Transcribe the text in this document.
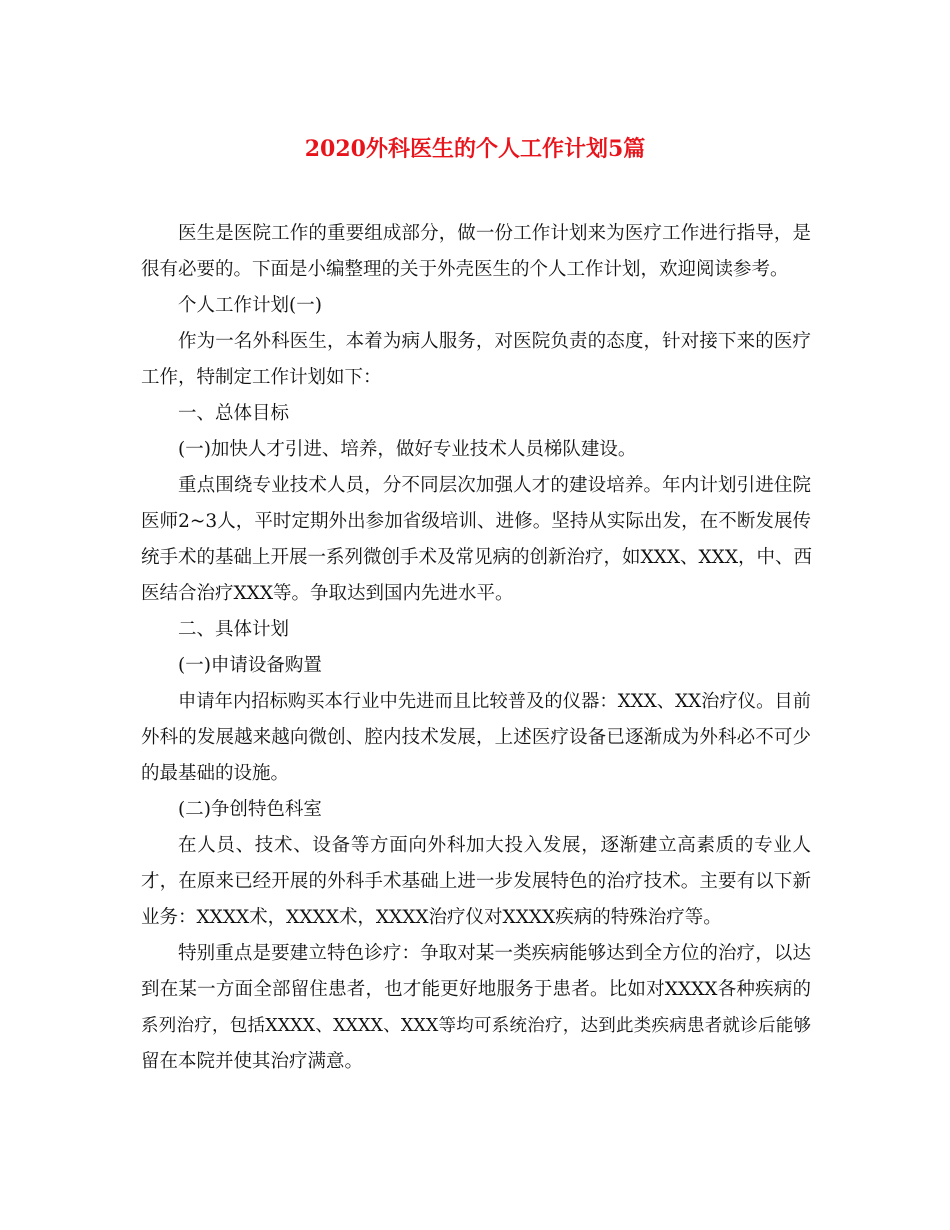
2020外科医生的个人工作计划5篇
医生是医院工作的重要组成部分，做一份工作计划来为医疗工作进行指导，是
很有必要的。下面是小编整理的关于外壳医生的个人工作计划，欢迎阅读参考。
个人工作计划(一)
作为一名外科医生，本着为病人服务，对医院负责的态度，针对接下来的医疗
工作，特制定工作计划如下：
一、总体目标
(一)加快人才引进、培养，做好专业技术人员梯队建设。
重点围绕专业技术人员，分不同层次加强人才的建设培养。年内计划引进住院
医师2~3人，平时定期外出参加省级培训、进修。坚持从实际出发，在不断发展传
统手术的基础上开展一系列微创手术及常见病的创新治疗，如XXX、XXX，中、西
医结合治疗XXX等。争取达到国内先进水平。
二、具体计划
(一)申请设备购置
申请年内招标购买本行业中先进而且比较普及的仪器：XXX、XX治疗仪。目前
外科的发展越来越向微创、腔内技术发展，上述医疗设备已逐渐成为外科必不可少
的最基础的设施。
(二)争创特色科室
在人员、技术、设备等方面向外科加大投入发展，逐渐建立高素质的专业人
才，在原来已经开展的外科手术基础上进一步发展特色的治疗技术。主要有以下新
业务：XXXX术，XXXX术，XXXX治疗仪对XXXX疾病的特殊治疗等。
特别重点是要建立特色诊疗：争取对某一类疾病能够达到全方位的治疗，以达
到在某一方面全部留住患者，也才能更好地服务于患者。比如对XXXX各种疾病的
系列治疗，包括XXXX、XXXX、XXX等均可系统治疗，达到此类疾病患者就诊后能够
留在本院并使其治疗满意。
